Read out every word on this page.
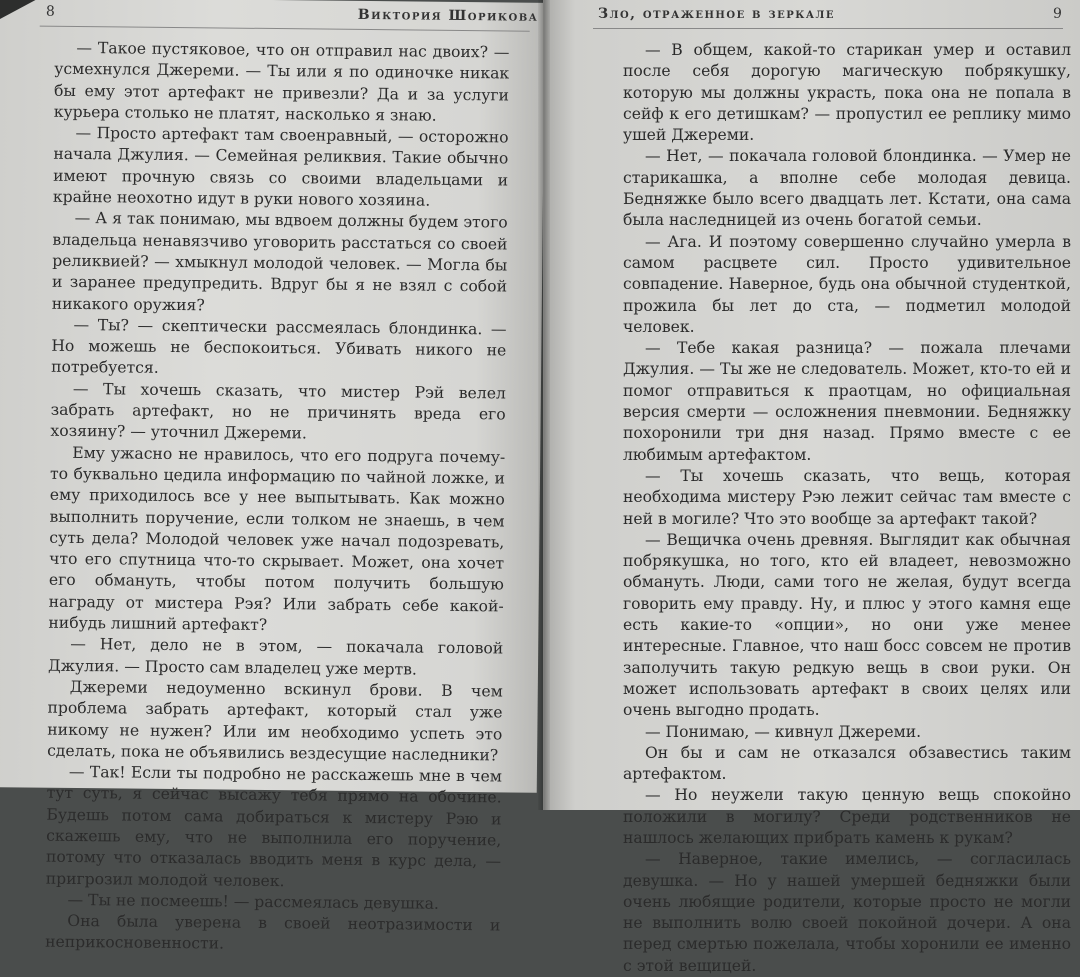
8	Виктория Шорикова

— Такое пустяковое, что он отправил нас двоих? — усмехнулся Джереми. — Ты или я по одиночке никак бы ему этот артефакт не привезли? Да и за услуги курьера столько не платят, насколько я знаю.

— Просто артефакт там своенравный, — осторожно начала Джулия. — Семейная реликвия. Такие обычно имеют прочную связь со своими владельцами и крайне неохотно идут в руки нового хозяина.

— А я так понимаю, мы вдвоем должны будем этого владельца ненавязчиво уговорить расстаться со своей реликвией? — хмыкнул молодой человек. — Могла бы и заранее предупредить. Вдруг бы я не взял с собой никакого оружия?

— Ты? — скептически рассмеялась блондинка. — Но можешь не беспокоиться. Убивать никого не потребуется.

— Ты хочешь сказать, что мистер Рэй велел забрать артефакт, но не причинять вреда его хозяину? — уточнил Джереми.

Ему ужасно не нравилось, что его подруга почему-то буквально цедила информацию по чайной ложке, и ему приходилось все у нее выпытывать. Как можно выполнить поручение, если толком не знаешь, в чем суть дела? Молодой человек уже начал подозревать, что его спутница что-то скрывает. Может, она хочет его обмануть, чтобы потом получить большую награду от мистера Рэя? Или забрать себе какой-нибудь лишний артефакт?

— Нет, дело не в этом, — покачала головой Джулия. — Просто сам владелец уже мертв.

Джереми недоуменно вскинул брови. В чем проблема забрать артефакт, который стал уже никому не нужен? Или им необходимо успеть это сделать, пока не объявились вездесущие наследники?

— Так! Если ты подробно не расскажешь мне в чем тут суть, я сейчас высажу тебя прямо на обочине. Будешь потом сама добираться к мистеру Рэю и скажешь ему, что не выполнила его поручение, потому что отказалась вводить меня в курс дела, — пригрозил молодой человек.

— Ты не посмеешь! — рассмеялась девушка.

Она была уверена в своей неотразимости и неприкосновенности.

Зло, отраженное в зеркале	9

— В общем, какой-то старикан умер и оставил после себя дорогую магическую побрякушку, которую мы должны украсть, пока она не попала в сейф к его детишкам? — пропустил ее реплику мимо ушей Джереми.

— Нет, — покачала головой блондинка. — Умер не старикашка, а вполне себе молодая девица. Бедняжке было всего двадцать лет. Кстати, она сама была наследницей из очень богатой семьи.

— Ага. И поэтому совершенно случайно умерла в самом расцвете сил. Просто удивительное совпадение. Наверное, будь она обычной студенткой, прожила бы лет до ста, — подметил молодой человек.

— Тебе какая разница? — пожала плечами Джулия. — Ты же не следователь. Может, кто-то ей и помог отправиться к праотцам, но официальная версия смерти — осложнения пневмонии. Бедняжку похоронили три дня назад. Прямо вместе с ее любимым артефактом.

— Ты хочешь сказать, что вещь, которая необходима мистеру Рэю лежит сейчас там вместе с ней в могиле? Что это вообще за артефакт такой?

— Вещичка очень древняя. Выглядит как обычная побрякушка, но того, кто ей владеет, невозможно обмануть. Люди, сами того не желая, будут всегда говорить ему правду. Ну, и плюс у этого камня еще есть какие-то «опции», но они уже менее интересные. Главное, что наш босс совсем не против заполучить такую редкую вещь в свои руки. Он может использовать артефакт в своих целях или очень выгодно продать.

— Понимаю, — кивнул Джереми.

Он бы и сам не отказался обзавестись таким артефактом.

— Но неужели такую ценную вещь спокойно положили в могилу? Среди родственников не нашлось желающих прибрать камень к рукам?

— Наверное, такие имелись, — согласилась девушка. — Но у нашей умершей бедняжки были очень любящие родители, которые просто не могли не выполнить волю своей покойной дочери. А она перед смертью пожелала, чтобы хоронили ее именно с этой вещицей.
